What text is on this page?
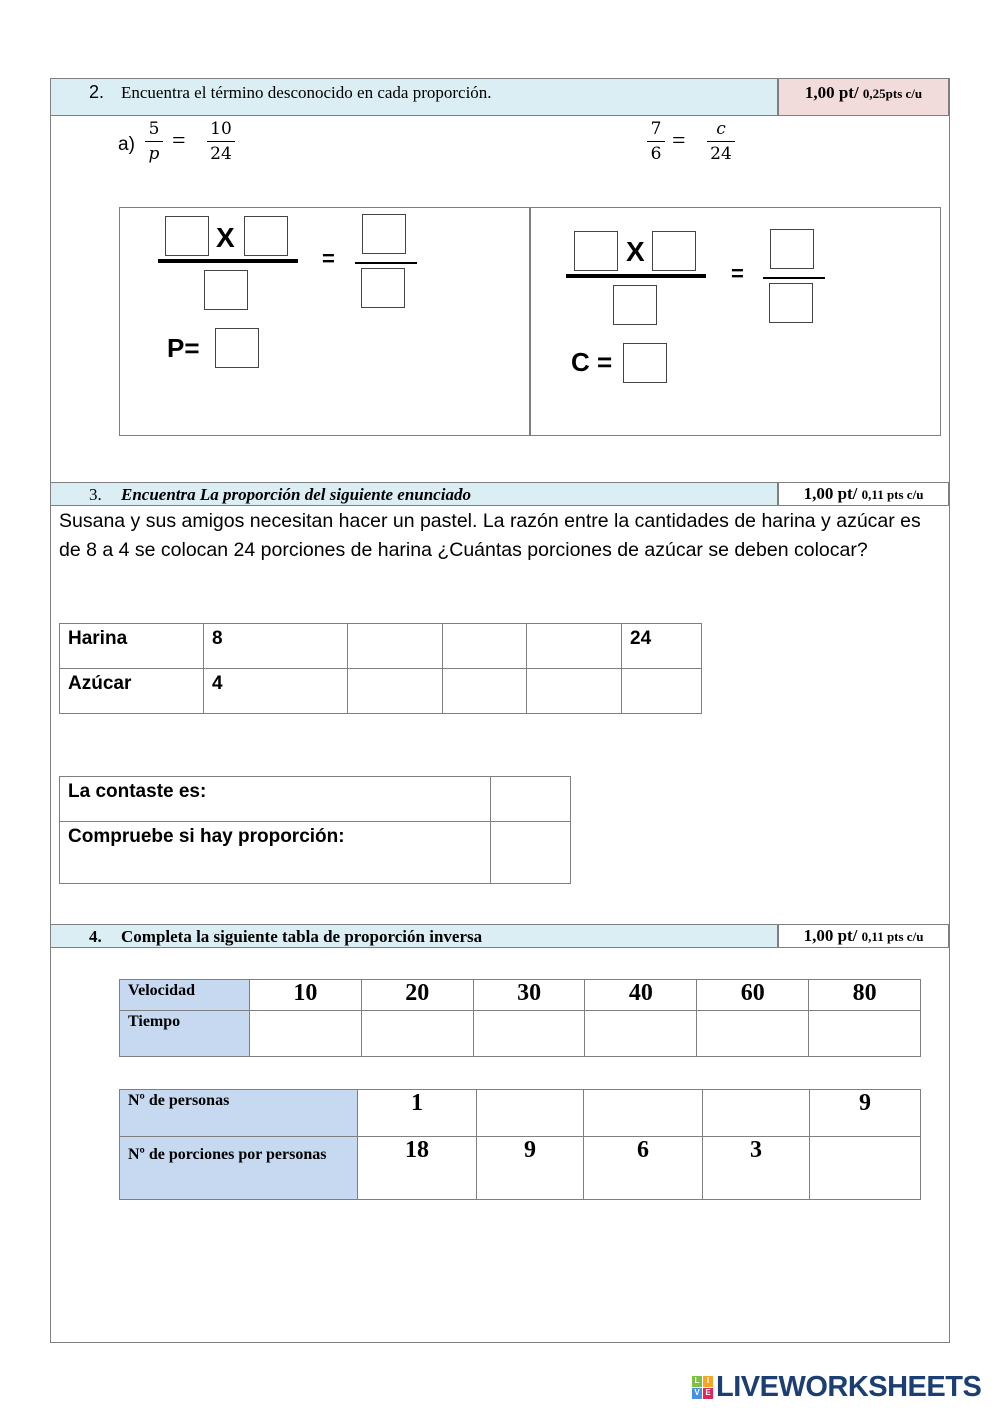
2. Encuentra el término desconocido en cada proporción.	1,00 pt/ 0,25pts c/u
a)
5
p = 10
24
7
6 =	c
24
X
=
P=
X
=
C =
3. Encuentra La proporción del siguiente enunciado	1,00 pt/ 0,11 pts c/u
Susana y sus amigos necesitan hacer un pastel. La razón entre la cantidades de harina y azúcar es de 8 a 4 se colocan 24 porciones de harina ¿Cuántas porciones de azúcar se deben colocar?
Harina	8				24
Azúcar	4				
La contaste es:	
Compruebe si hay proporción:	
4. Completa la siguiente tabla de proporción inversa	1,00 pt/ 0,11 pts c/u
Velocidad	10	20	30	40	60	80
Tiempo						
Nº de personas	1				9
Nº de porciones por personas	18	9	6	3	
L I
V E LIVEWORKSHEETS
